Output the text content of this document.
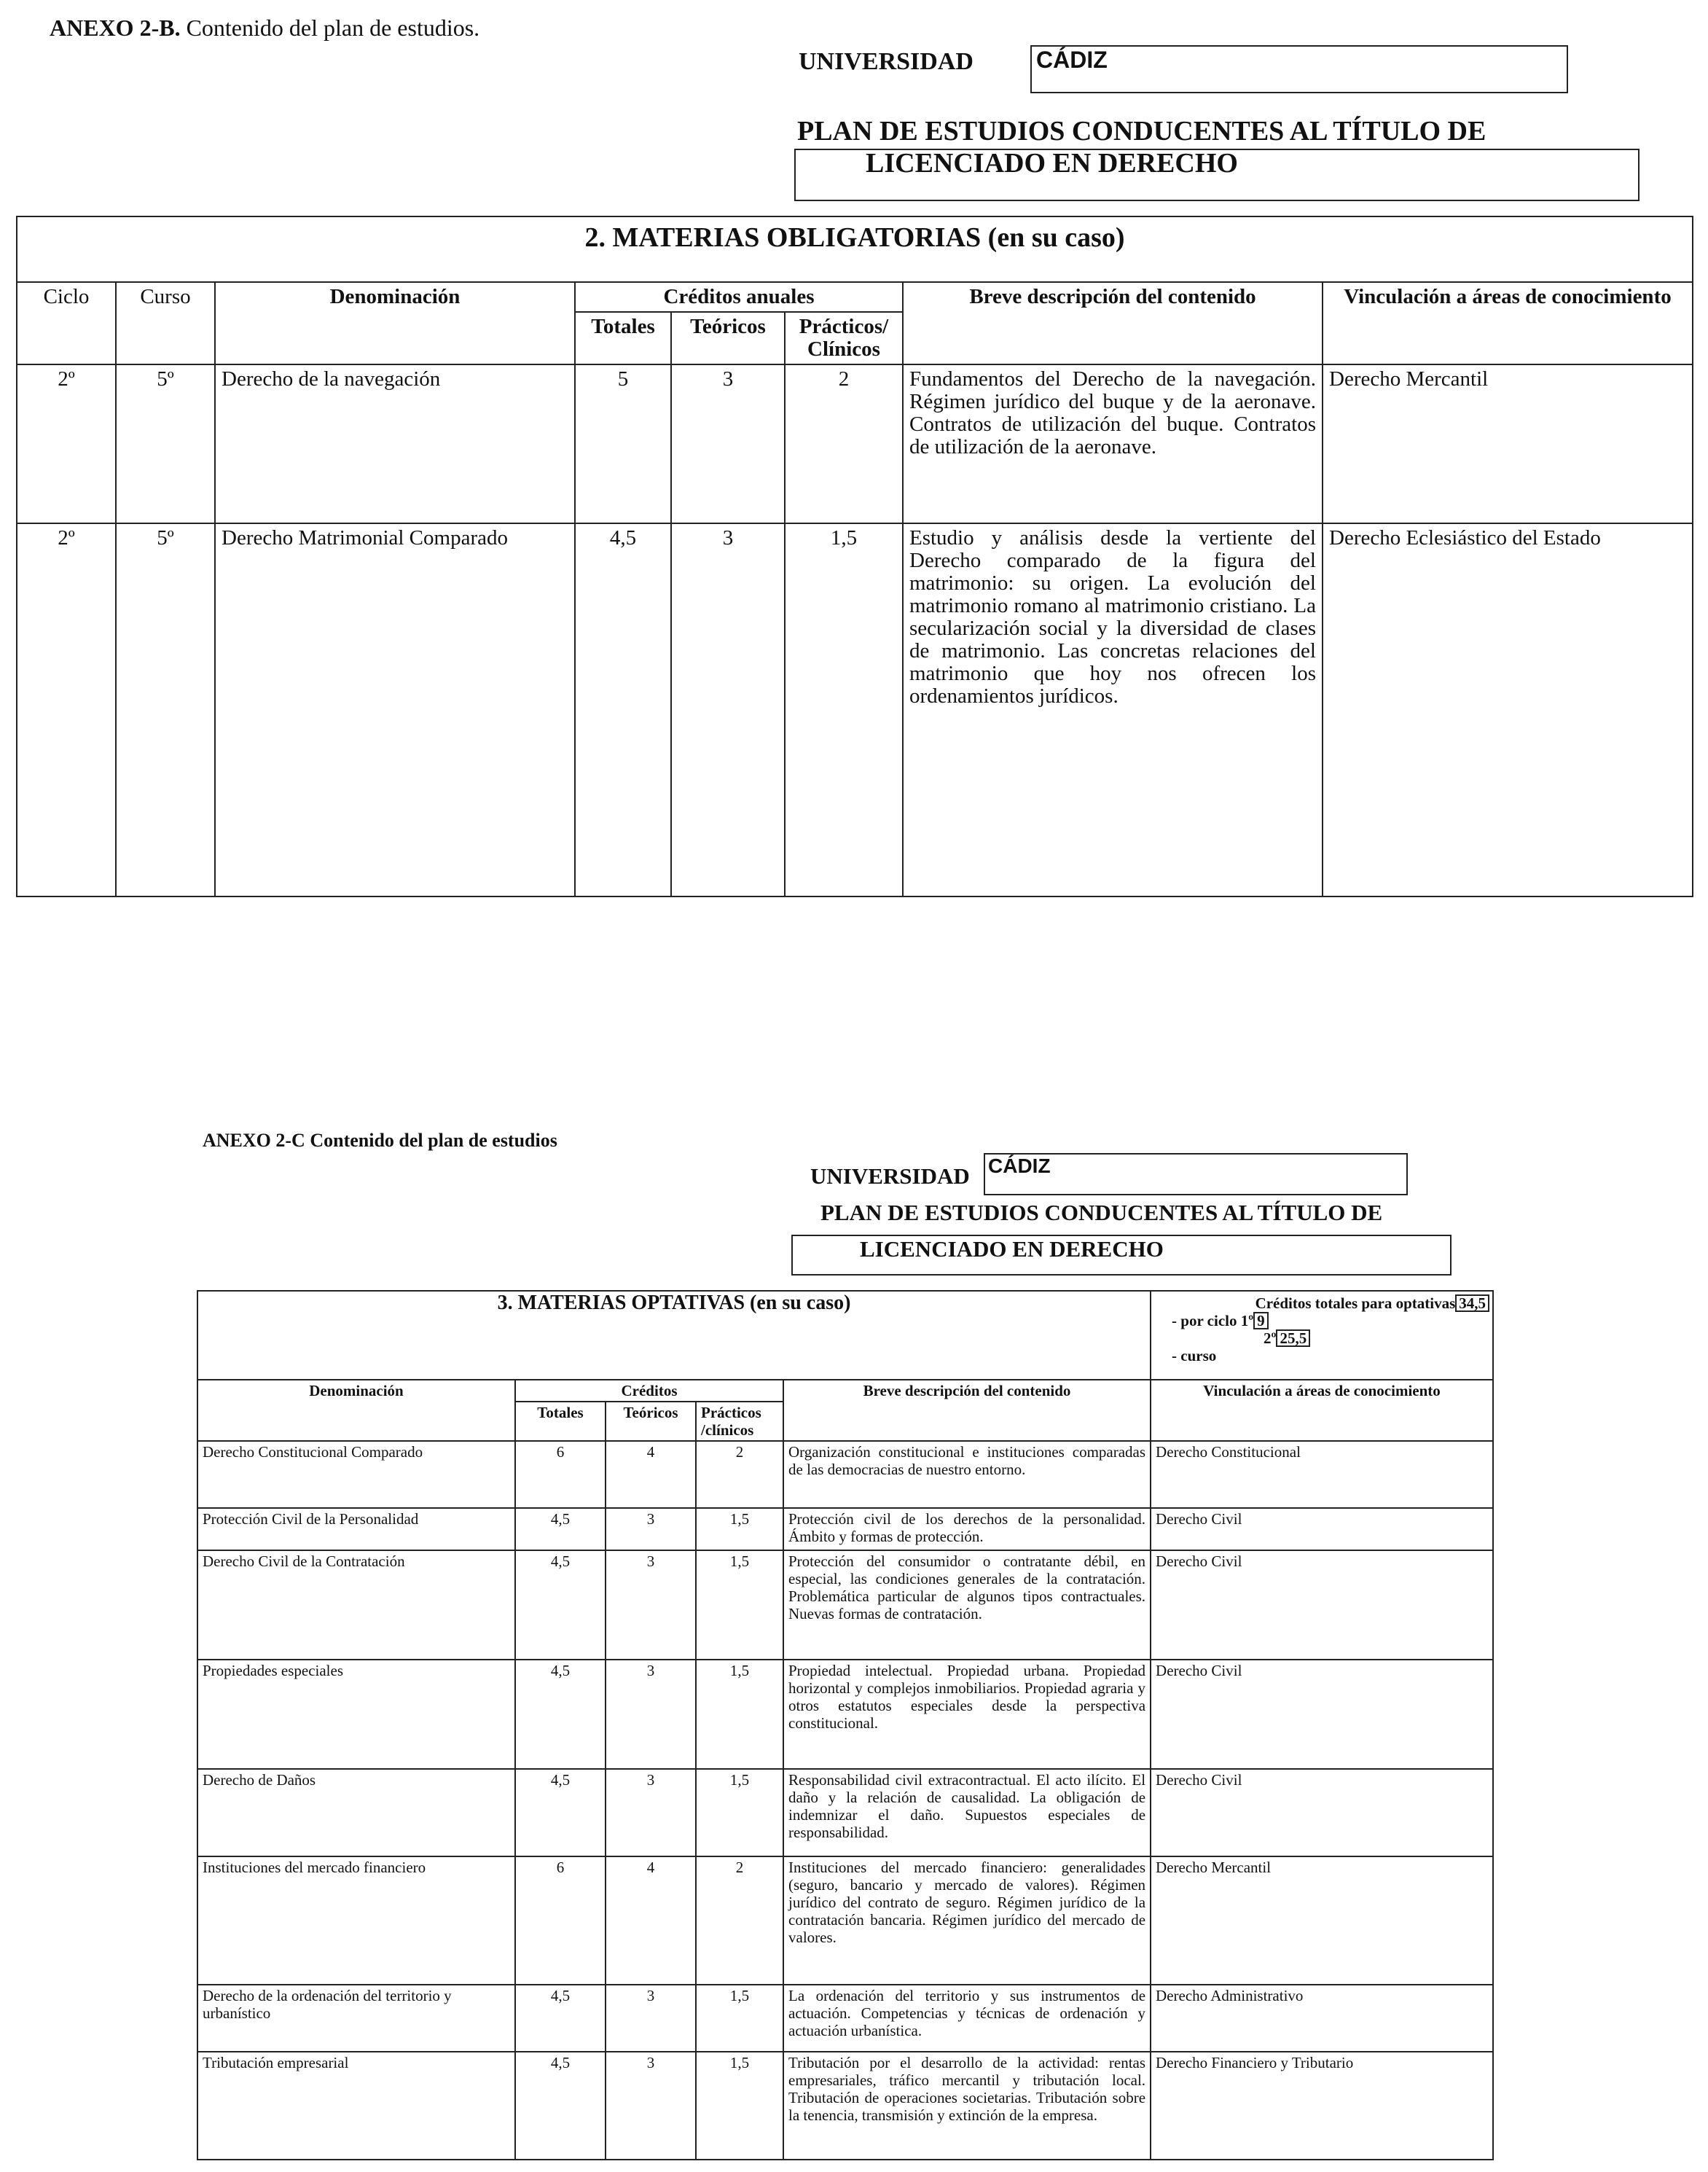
ANEXO 2-B. Contenido del plan de estudios.
UNIVERSIDAD	CÁDIZ
PLAN DE ESTUDIOS CONDUCENTES AL TÍTULO DE
LICENCIADO EN DERECHO
2. MATERIAS OBLIGATORIAS (en su caso)							
Ciclo	Curso	Denominación	Créditos anuales			Breve descripción del contenido	Vinculación a áreas de conocimiento
			Totales	Teóricos	Prácticos/ Clínicos		
2º	5º	Derecho de la navegación	5	3	2	Fundamentos del Derecho de la navegación. Régimen jurídico del buque y de la aeronave. Contratos de utilización del buque. Contratos de utilización de la aeronave.	Derecho Mercantil
2º	5º	Derecho Matrimonial Comparado	4,5	3	1,5	Estudio y análisis desde la vertiente del Derecho comparado de la figura del matrimonio: su origen. La evolución del matrimonio romano al matrimonio cristiano. La secularización social y la diversidad de clases de matrimonio. Las concretas relaciones del matrimonio que hoy nos ofrecen los ordenamientos jurídicos.	Derecho Eclesiástico del Estado
ANEXO 2-C Contenido del plan de estudios
UNIVERSIDAD CÁDIZ
PLAN DE ESTUDIOS CONDUCENTES AL TÍTULO DE
LICENCIADO EN DERECHO
3. MATERIAS OPTATIVAS (en su caso)					Créditos totales para optativas 34,5
- por ciclo 1º 9
2º 25,5
- curso

Denominación	Créditos			Breve descripción del contenido	Vinculación a áreas de conocimiento
	Totales	Teóricos	Prácticos /clínicos		
Derecho Constitucional Comparado	6	4	2	Organización constitucional e instituciones comparadas de las democracias de nuestro entorno.	Derecho Constitucional
Protección Civil de la Personalidad	4,5	3	1,5	Protección civil de los derechos de la personalidad. Ámbito y formas de protección.	Derecho Civil
Derecho Civil de la Contratación	4,5	3	1,5	Protección del consumidor o contratante débil, en especial, las condiciones generales de la contratación. Problemática particular de algunos tipos contractuales. Nuevas formas de contratación.	Derecho Civil
Propiedades especiales	4,5	3	1,5	Propiedad intelectual. Propiedad urbana. Propiedad horizontal y complejos inmobiliarios. Propiedad agraria y otros estatutos especiales desde la perspectiva constitucional.	Derecho Civil
Derecho de Daños	4,5	3	1,5	Responsabilidad civil extracontractual. El acto ilícito. El daño y la relación de causalidad. La obligación de indemnizar el daño. Supuestos especiales de responsabilidad.	Derecho Civil
Instituciones del mercado financiero	6	4	2	Instituciones del mercado financiero: generalidades (seguro, bancario y mercado de valores). Régimen jurídico del contrato de seguro. Régimen jurídico de la contratación bancaria. Régimen jurídico del mercado de valores.	Derecho Mercantil
Derecho de la ordenación del territorio y urbanístico	4,5	3	1,5	La ordenación del territorio y sus instrumentos de actuación. Competencias y técnicas de ordenación y actuación urbanística.	Derecho Administrativo
Tributación empresarial	4,5	3	1,5	Tributación por el desarrollo de la actividad: rentas empresariales, tráfico mercantil y tributación local. Tributación de operaciones societarias. Tributación sobre la tenencia, transmisión y extinción de la empresa.	Derecho Financiero y Tributario
